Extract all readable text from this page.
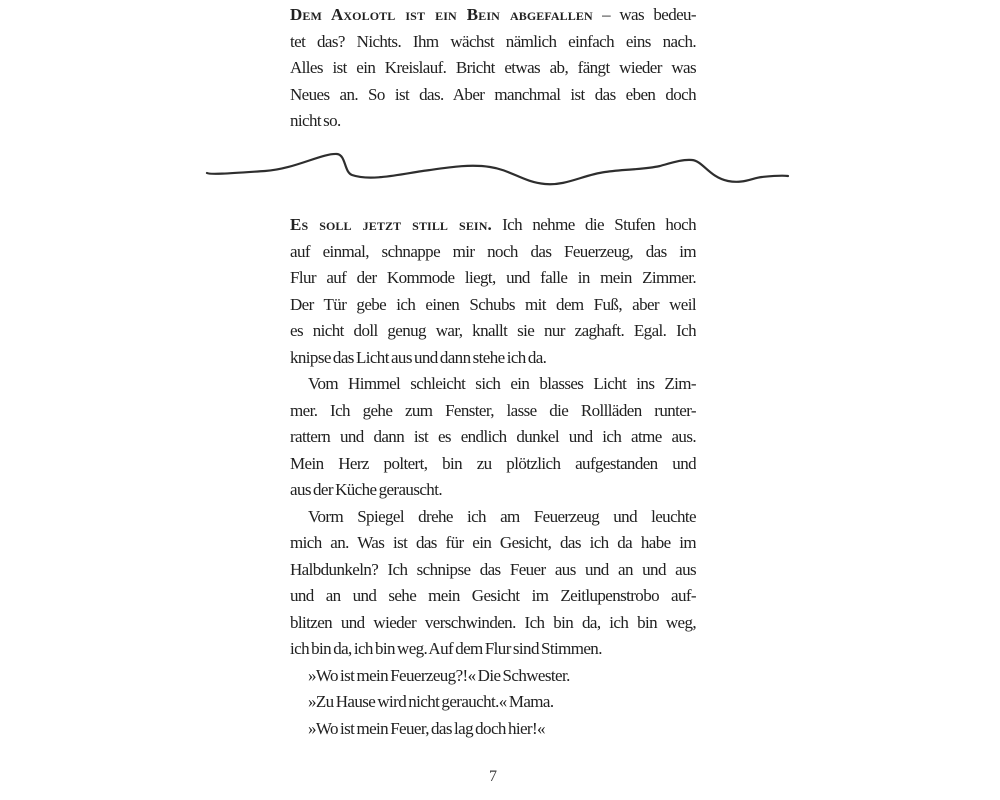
Dem Axolotl ist ein Bein abgefallen – was bedeu-
tet das? Nichts. Ihm wächst nämlich einfach eins nach.
Alles ist ein Kreislauf. Bricht etwas ab, fängt wieder was
Neues an. So ist das. Aber manchmal ist das eben doch
nicht so.
Es soll jetzt still sein. Ich nehme die Stufen hoch
auf einmal, schnappe mir noch das Feuerzeug, das im
Flur auf der Kommode liegt, und falle in mein Zimmer.
Der Tür gebe ich einen Schubs mit dem Fuß, aber weil
es nicht doll genug war, knallt sie nur zaghaft. Egal. Ich
knipse das Licht aus und dann stehe ich da.
Vom Himmel schleicht sich ein blasses Licht ins Zim-
mer. Ich gehe zum Fenster, lasse die Rollläden runter-
rattern und dann ist es endlich dunkel und ich atme aus.
Mein Herz poltert, bin zu plötzlich aufgestanden und
aus der Küche gerauscht.
Vorm Spiegel drehe ich am Feuerzeug und leuchte
mich an. Was ist das für ein Gesicht, das ich da habe im
Halbdunkeln? Ich schnipse das Feuer aus und an und aus
und an und sehe mein Gesicht im Zeitlupenstrobo auf-
blitzen und wieder verschwinden. Ich bin da, ich bin weg,
ich bin da, ich bin weg. Auf dem Flur sind Stimmen.
»Wo ist mein Feuerzeug?!« Die Schwester.
»Zu Hause wird nicht geraucht.« Mama.
»Wo ist mein Feuer, das lag doch hier!«
7
